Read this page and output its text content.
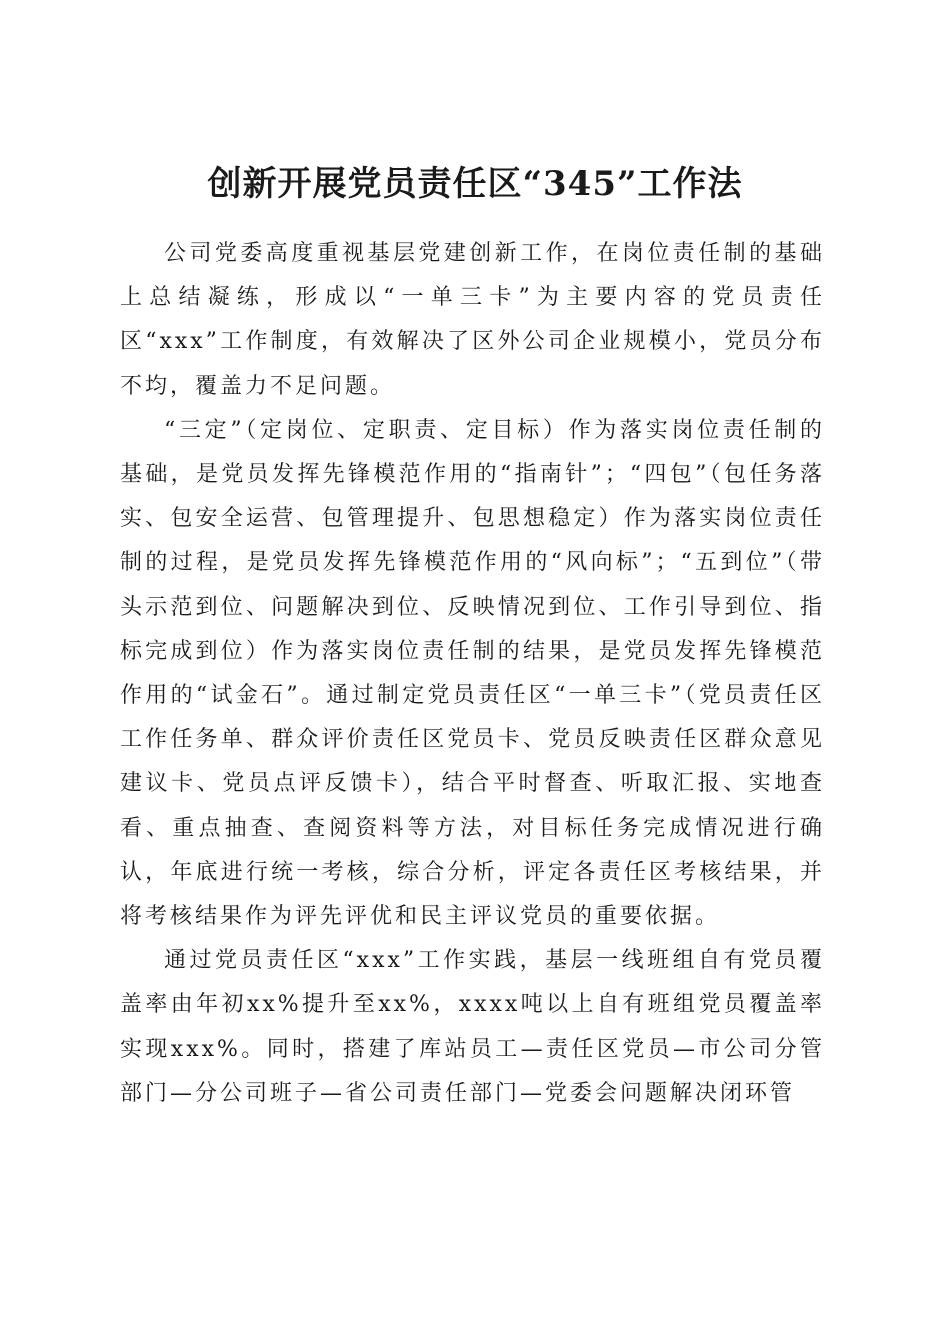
创新开展党员责任区“345”工作法

公司党委高度重视基层党建创新工作，在岗位责任制的基础上总结凝练，形成以“一单三卡”为主要内容的党员责任区“xxx”工作制度，有效解决了区外公司企业规模小，党员分布不均，覆盖力不足问题。

“三定”（定岗位、定职责、定目标）作为落实岗位责任制的基础，是党员发挥先锋模范作用的“指南针”；“四包”（包任务落实、包安全运营、包管理提升、包思想稳定）作为落实岗位责任制的过程，是党员发挥先锋模范作用的“风向标”；“五到位”（带头示范到位、问题解决到位、反映情况到位、工作引导到位、指标完成到位）作为落实岗位责任制的结果，是党员发挥先锋模范作用的“试金石”。通过制定党员责任区“一单三卡”（党员责任区工作任务单、群众评价责任区党员卡、党员反映责任区群众意见建议卡、党员点评反馈卡），结合平时督查、听取汇报、实地查看、重点抽查、查阅资料等方法，对目标任务完成情况进行确认，年底进行统一考核，综合分析，评定各责任区考核结果，并将考核结果作为评先评优和民主评议党员的重要依据。

通过党员责任区“xxx”工作实践，基层一线班组自有党员覆盖率由年初xx%提升至xx%，xxxx吨以上自有班组党员覆盖率实现xxx%。同时，搭建了库站员工—责任区党员—市公司分管部门—分公司班子—省公司责任部门—党委会问题解决闭环管
